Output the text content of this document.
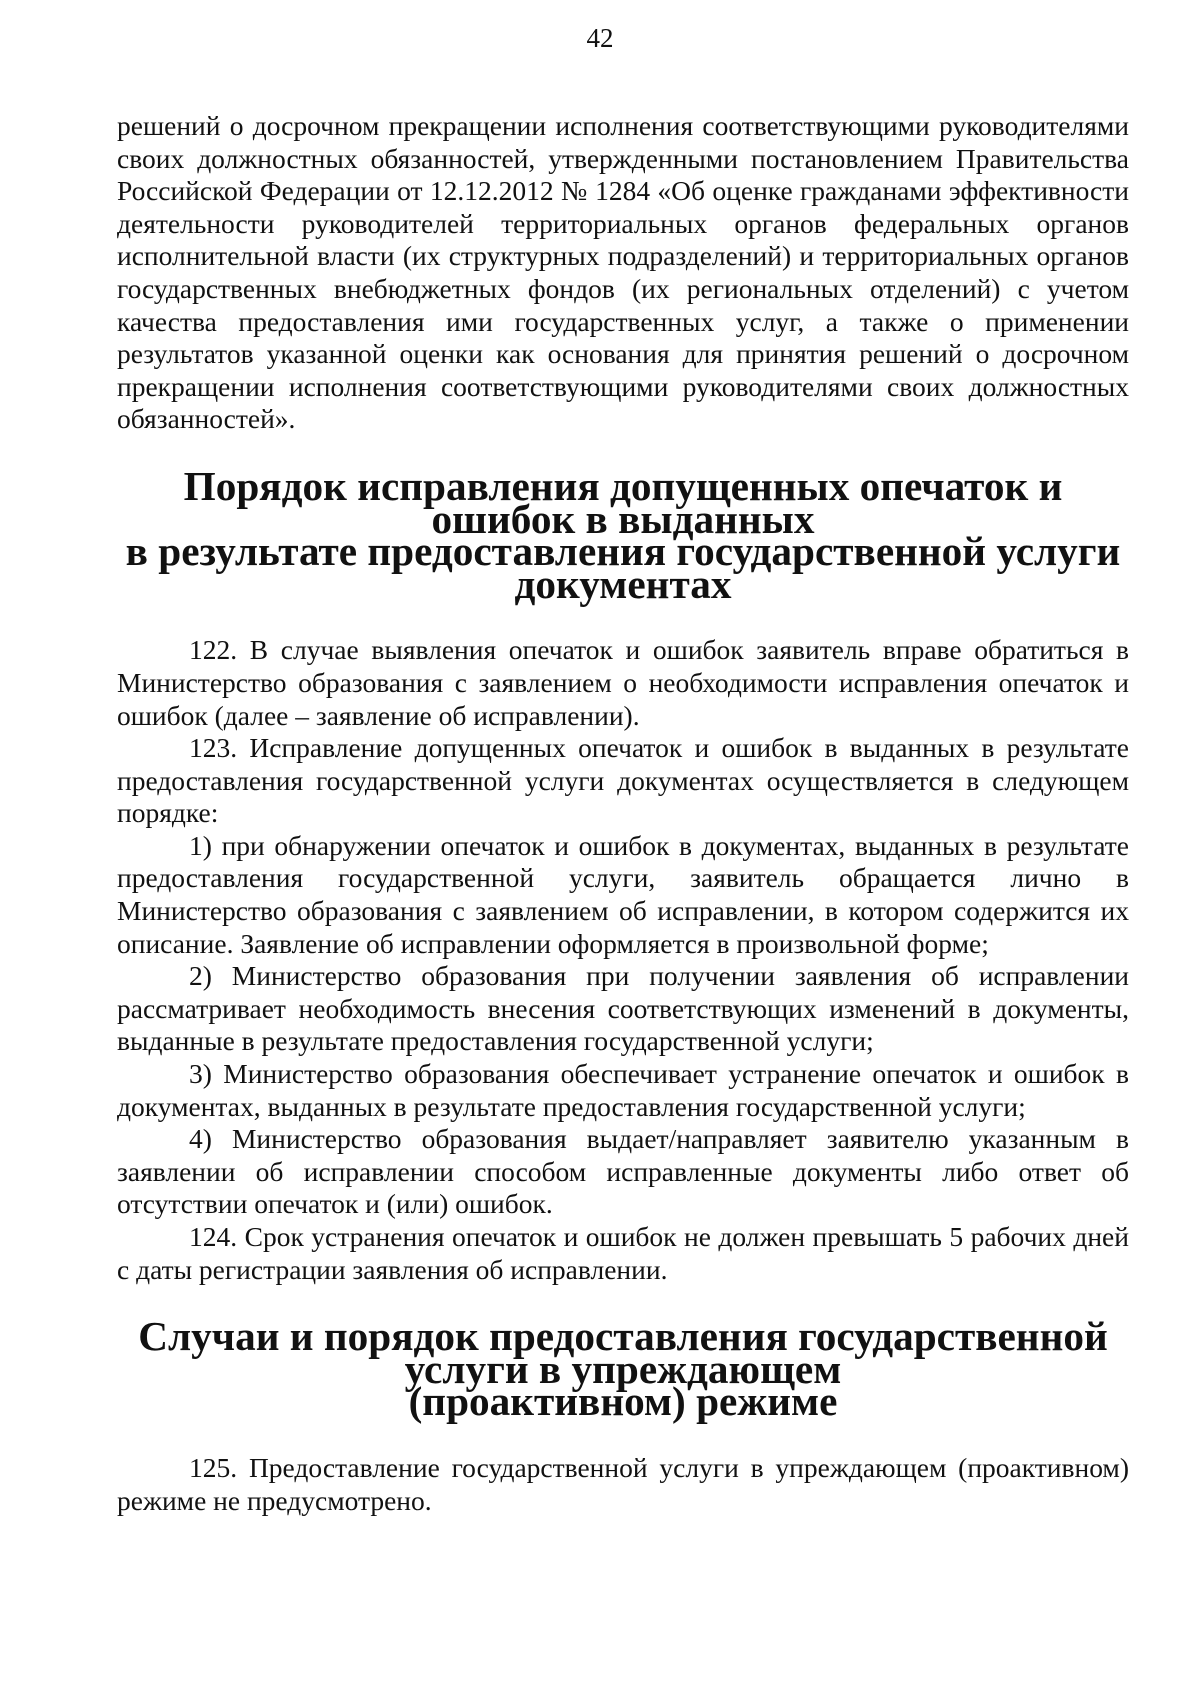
42

решений о досрочном прекращении исполнения соответствующими руководителями своих должностных обязанностей, утвержденными постановлением Правительства Российской Федерации от 12.12.2012 № 1284 «Об оценке гражданами эффективности деятельности руководителей территориальных органов федеральных органов исполнительной власти (их структурных подразделений) и территориальных органов государственных внебюджетных фондов (их региональных отделений) с учетом качества предоставления ими государственных услуг, а также о применении результатов указанной оценки как основания для принятия решений о досрочном прекращении исполнения соответствующими руководителями своих должностных обязанностей».

Порядок исправления допущенных опечаток и ошибок в выданных
в результате предоставления государственной услуги документах

122. В случае выявления опечаток и ошибок заявитель вправе обратиться в Министерство образования с заявлением о необходимости исправления опечаток и ошибок (далее – заявление об исправлении).

123. Исправление допущенных опечаток и ошибок в выданных в результате предоставления государственной услуги документах осуществляется в следующем порядке:

1) при обнаружении опечаток и ошибок в документах, выданных в результате предоставления государственной услуги, заявитель обращается лично в Министерство образования с заявлением об исправлении, в котором содержится их описание. Заявление об исправлении оформляется в произвольной форме;

2) Министерство образования при получении заявления об исправлении рассматривает необходимость внесения соответствующих изменений в документы, выданные в результате предоставления государственной услуги;

3) Министерство образования обеспечивает устранение опечаток и ошибок в документах, выданных в результате предоставления государственной услуги;

4) Министерство образования выдает/направляет заявителю указанным в заявлении об исправлении способом исправленные документы либо ответ об отсутствии опечаток и (или) ошибок.

124. Срок устранения опечаток и ошибок не должен превышать 5 рабочих дней с даты регистрации заявления об исправлении.

Случаи и порядок предоставления государственной услуги в упреждающем
(проактивном) режиме

125. Предоставление государственной услуги в упреждающем (проактивном) режиме не предусмотрено.
